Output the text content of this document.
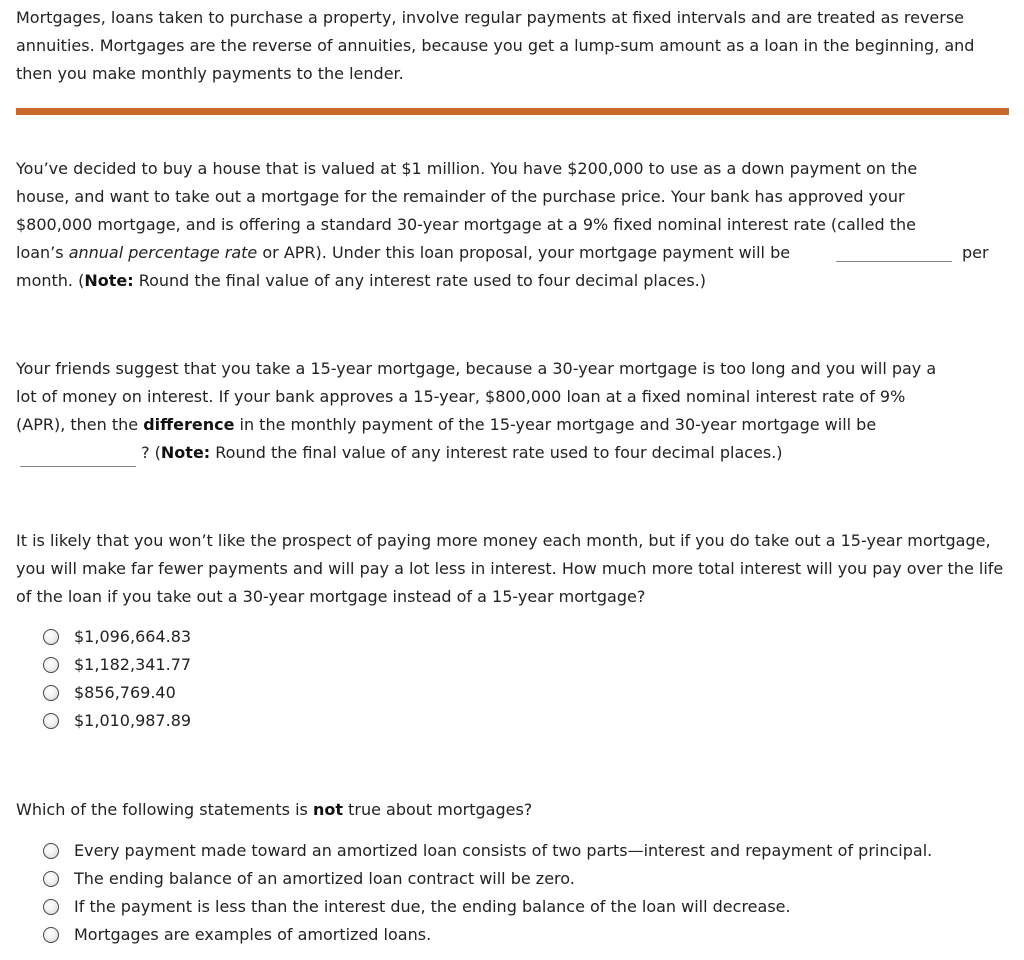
Mortgages, loans taken to purchase a property, involve regular payments at fixed intervals and are treated as reverse annuities. Mortgages are the reverse of annuities, because you get a lump-sum amount as a loan in the beginning, and then you make monthly payments to the lender.

You’ve decided to buy a house that is valued at $1 million. You have $200,000 to use as a down payment on the

house, and want to take out a mortgage for the remainder of the purchase price. Your bank has approved your

$800,000 mortgage, and is offering a standard 30-year mortgage at a 9% fixed nominal interest rate (called the

loan’s annual percentage rate or APR). Under this loan proposal, your mortgage payment will be	per

month. (Note: Round the final value of any interest rate used to four decimal places.)

Your friends suggest that you take a 15-year mortgage, because a 30-year mortgage is too long and you will pay a

lot of money on interest. If your bank approves a 15-year, $800,000 loan at a fixed nominal interest rate of 9%

(APR), then the difference in the monthly payment of the 15-year mortgage and 30-year mortgage will be

? (Note: Round the final value of any interest rate used to four decimal places.)

It is likely that you won’t like the prospect of paying more money each month, but if you do take out a 15-year mortgage, you will make far fewer payments and will pay a lot less in interest. How much more total interest will you pay over the life of the loan if you take out a 30-year mortgage instead of a 15-year mortgage?

$1,096,664.83
$1,182,341.77
$856,769.40
$1,010,987.89

Which of the following statements is not true about mortgages?

Every payment made toward an amortized loan consists of two parts—interest and repayment of principal.
The ending balance of an amortized loan contract will be zero.
If the payment is less than the interest due, the ending balance of the loan will decrease.
Mortgages are examples of amortized loans.
